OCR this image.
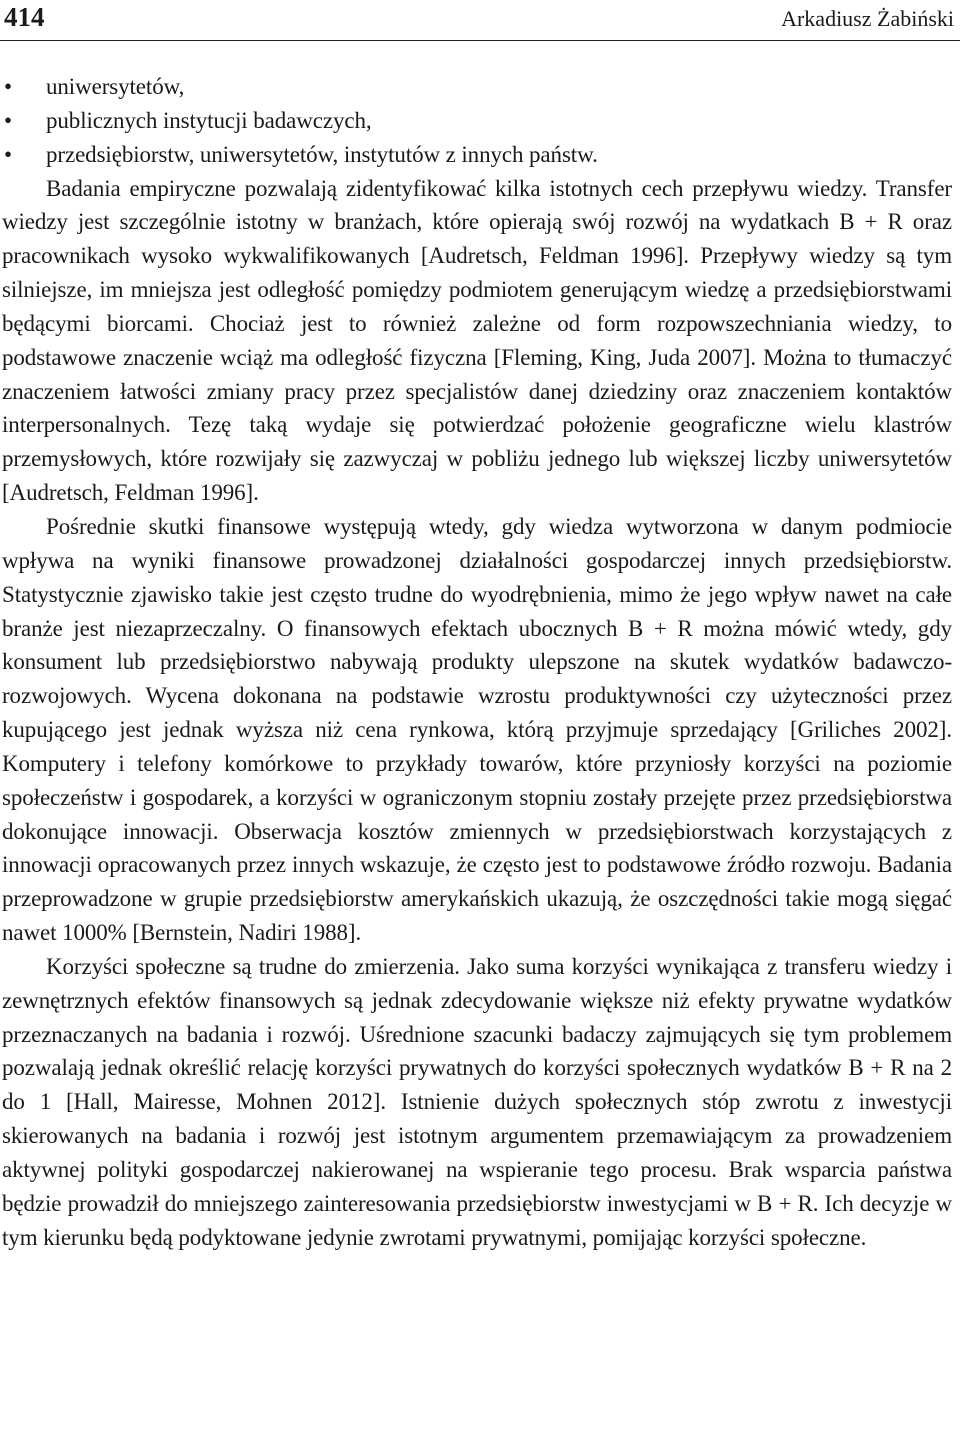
414	Arkadiusz Żabiński
• uniwersytetów,
• publicznych instytucji badawczych,
• przedsiębiorstw, uniwersytetów, instytutów z innych państw.

Badania empiryczne pozwalają zidentyfikować kilka istotnych cech przepływu wiedzy. Transfer wiedzy jest szczególnie istotny w branżach, które opierają swój rozwój na wydatkach B + R oraz pracownikach wysoko wykwalifikowanych [Audretsch, Feldman 1996]. Przepływy wiedzy są tym silniejsze, im mniejsza jest odległość pomiędzy podmiotem generującym wiedzę a przedsiębiorstwami będącymi biorcami. Chociaż jest to również zależne od form rozpowszechniania wiedzy, to podstawowe znaczenie wciąż ma odległość fizyczna [Fleming, King, Juda 2007]. Można to tłumaczyć znaczeniem łatwości zmiany pracy przez specjalistów danej dziedziny oraz znaczeniem kontaktów interpersonalnych. Tezę taką wydaje się potwierdzać położenie geograficzne wielu klastrów przemysłowych, które rozwijały się zazwyczaj w pobliżu jednego lub większej liczby uniwersytetów [Audretsch, Feldman 1996].

Pośrednie skutki finansowe występują wtedy, gdy wiedza wytworzona w danym podmiocie wpływa na wyniki finansowe prowadzonej działalności gospodarczej innych przedsiębiorstw. Statystycznie zjawisko takie jest często trudne do wyodrębnienia, mimo że jego wpływ nawet na całe branże jest niezaprzeczalny. O finansowych efektach ubocznych B + R można mówić wtedy, gdy konsument lub przedsiębiorstwo nabywają produkty ulepszone na skutek wydatków badawczo-rozwojowych. Wycena dokonana na podstawie wzrostu produktywności czy użyteczności przez kupującego jest jednak wyższa niż cena rynkowa, którą przyjmuje sprzedający [Griliches 2002]. Komputery i telefony komórkowe to przykłady towarów, które przyniosły korzyści na poziomie społeczeństw i gospodarek, a korzyści w ograniczonym stopniu zostały przejęte przez przedsiębiorstwa dokonujące innowacji. Obserwacja kosztów zmiennych w przedsiębiorstwach korzystających z innowacji opracowanych przez innych wskazuje, że często jest to podstawowe źródło rozwoju. Badania przeprowadzone w grupie przedsiębiorstw amerykańskich ukazują, że oszczędności takie mogą sięgać nawet 1000% [Bernstein, Nadiri 1988].

Korzyści społeczne są trudne do zmierzenia. Jako suma korzyści wynikająca z transferu wiedzy i zewnętrznych efektów finansowych są jednak zdecydowanie większe niż efekty prywatne wydatków przeznaczanych na badania i rozwój. Uśrednione szacunki badaczy zajmujących się tym problemem pozwalają jednak określić relację korzyści prywatnych do korzyści społecznych wydatków B + R na 2 do 1 [Hall, Mairesse, Mohnen 2012]. Istnienie dużych społecznych stóp zwrotu z inwestycji skierowanych na badania i rozwój jest istotnym argumentem przemawiającym za prowadzeniem aktywnej polityki gospodarczej nakierowanej na wspieranie tego procesu. Brak wsparcia państwa będzie prowadził do mniejszego zainteresowania przedsiębiorstw inwestycjami w B + R. Ich decyzje w tym kierunku będą podyktowane jedynie zwrotami prywatnymi, pomijając korzyści społeczne.
